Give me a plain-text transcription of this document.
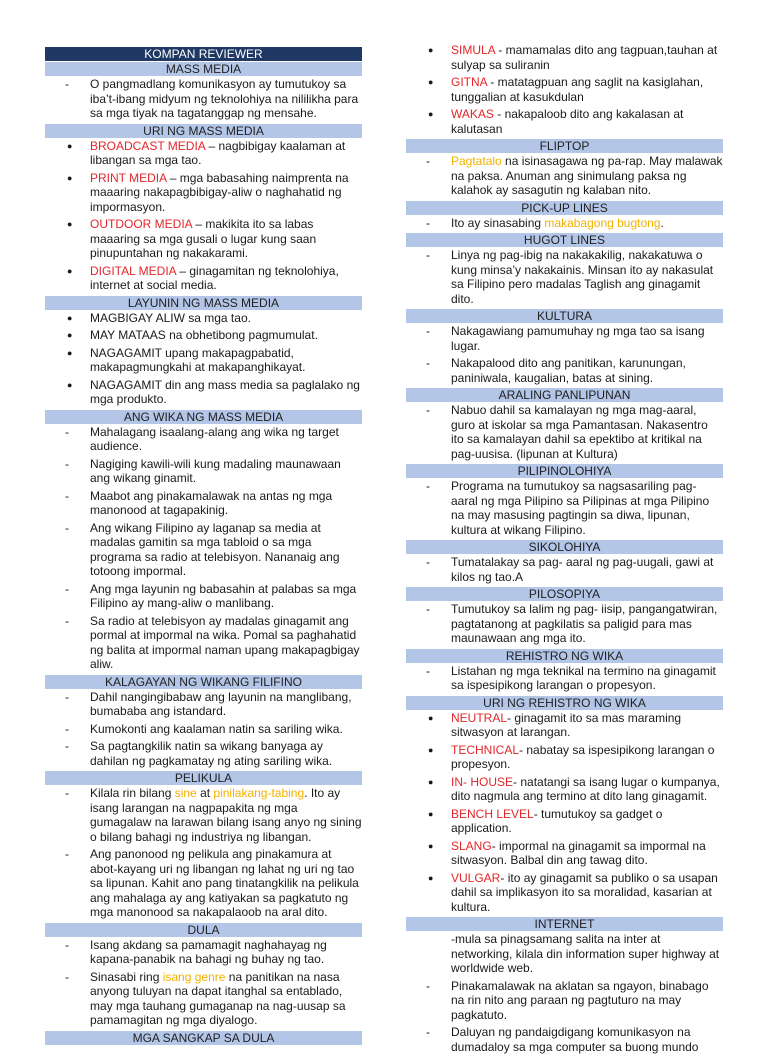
KOMPAN REVIEWER
MASS MEDIA
-	O pangmadlang komunikasyon ay tumutukoy sa iba’t-ibang midyum ng teknolohiya na nililikha para sa mga tiyak na tagatanggap ng mensahe.
URI NG MASS MEDIA
●	BROADCAST MEDIA – nagbibigay kaalaman at libangan sa mga tao.
●	PRINT MEDIA – mga babasahing naimprenta na maaaring nakapagbibigay-aliw o naghahatid ng impormasyon.
●	OUTDOOR MEDIA – makikita ito sa labas maaaring sa mga gusali o lugar kung saan pinupuntahan ng nakakarami.
●	DIGITAL MEDIA – ginagamitan ng teknolohiya, internet at social media.
LAYUNIN NG MASS MEDIA
●	MAGBIGAY ALIW sa mga tao.
●	MAY MATAAS na obhetibong pagmumulat.
●	NAGAGAMIT upang makapagpabatid, makapagmungkahi at makapanghikayat.
●	NAGAGAMIT din ang mass media sa paglalako ng mga produkto.
ANG WIKA NG MASS MEDIA
-	Mahalagang isaalang-alang ang wika ng target audience.
-	Nagiging kawili-wili kung madaling maunawaan ang wikang ginamit.
-	Maabot ang pinakamalawak na antas ng mga manonood at tagapakinig.
-	Ang wikang Filipino ay laganap sa media at madalas gamitin sa mga tabloid o sa mga programa sa radio at telebisyon. Nananaig ang totoong impormal.
-	Ang mga layunin ng babasahin at palabas sa mga Filipino ay mang-aliw o manlibang.
-	Sa radio at telebisyon ay madalas ginagamit ang pormal at impormal na wika. Pomal sa paghahatid ng balita at impormal naman upang makapagbigay aliw.
KALAGAYAN NG WIKANG FILIFINO
-	Dahil nangingibabaw ang layunin na manglibang, bumababa ang istandard.
-	Kumokonti ang kaalaman natin sa sariling wika.
-	Sa pagtangkilik natin sa wikang banyaga ay dahilan ng pagkamatay ng ating sariling wika.
PELIKULA
-	Kilala rin bilang sine at pinilakang-tabing. Ito ay isang larangan na nagpapakita ng mga gumagalaw na larawan bilang isang anyo ng sining o bilang bahagi ng industriya ng libangan.
-	Ang panonood ng pelikula ang pinakamura at abot-kayang uri ng libangan ng lahat ng uri ng tao sa lipunan. Kahit ano pang tinatangkilik na pelikula ang mahalaga ay ang katiyakan sa pagkatuto ng mga manonood sa nakapalaoob na aral dito.
DULA
-	Isang akdang sa pamamagit naghahayag ng kapana-panabik na bahagi ng buhay ng tao.
-	Sinasabi ring isang genre na panitikan na nasa anyong tuluyan na dapat itanghal sa entablado, may mga tauhang gumaganap na nag-uusap sa pamamagitan ng mga diyalogo.
MGA SANGKAP SA DULA
●	SIMULA - mamamalas dito ang tagpuan,tauhan at sulyap sa suliranin
●	GITNA - matatagpuan ang saglit na kasiglahan, tunggalian at kasukdulan
●	WAKAS - nakapaloob dito ang kakalasan at kalutasan
FLIPTOP
-	Pagtatalo na isinasagawa ng pa-rap. May malawak na paksa. Anuman ang sinimulang paksa ng kalahok ay sasagutin ng kalaban nito.
PICK-UP LINES
-	Ito ay sinasabing makabagong bugtong.
HUGOT LINES
-	Linya ng pag-ibig na nakakakilig, nakakatuwa o kung minsa’y nakakainis. Minsan ito ay nakasulat sa Filipino pero madalas Taglish ang ginagamit dito.
KULTURA
-	Nakagawiang pamumuhay ng mga tao sa isang lugar.
-	Nakapalood dito ang panitikan, karunungan, paniniwala, kaugalian, batas at sining.
ARALING PANLIPUNAN
-	Nabuo dahil sa kamalayan ng mga mag-aaral, guro at iskolar sa mga Pamantasan. Nakasentro ito sa kamalayan dahil sa epektibo at kritikal na pag-uusisa. (lipunan at Kultura)
PILIPINOLOHIYA
-	Programa na tumutukoy sa nagsasariling pag-aaral ng mga Pilipino sa Pilipinas at mga Pilipino na may masusing pagtingin sa diwa, lipunan, kultura at wikang Filipino.
SIKOLOHIYA
-	Tumatalakay sa pag- aaral ng pag-uugali, gawi at kilos ng tao.A
PILOSOPIYA
-	Tumutukoy sa lalim ng pag- iisip, pangangatwiran, pagtatanong at pagkilatis sa paligid para mas maunawaan ang mga ito.
REHISTRO NG WIKA
-	Listahan ng mga teknikal na termino na ginagamit sa ispesipikong larangan o propesyon.
URI NG REHISTRO NG WIKA
●	NEUTRAL- ginagamit ito sa mas maraming sitwasyon at larangan.
●	TECHNICAL- nabatay sa ispesipikong larangan o propesyon.
●	IN- HOUSE- natatangi sa isang lugar o kumpanya, dito nagmula ang termino at dito lang ginagamit.
●	BENCH LEVEL- tumutukoy sa gadget o application.
●	SLANG- impormal na ginagamit sa impormal na sitwasyon. Balbal din ang tawag dito.
●	VULGAR- ito ay ginagamit sa publiko o sa usapan dahil sa implikasyon ito sa moralidad, kasarian at kultura.
INTERNET
-mula sa pinagsamang salita na inter at networking, kilala din information super highway at worldwide web.
-	Pinakamalawak na aklatan sa ngayon, binabago na rin nito ang paraan ng pagtuturo na may pagkatuto.
-	Daluyan ng pandaigdigang komunikasyon na dumadaloy sa mga computer sa buong mundo
